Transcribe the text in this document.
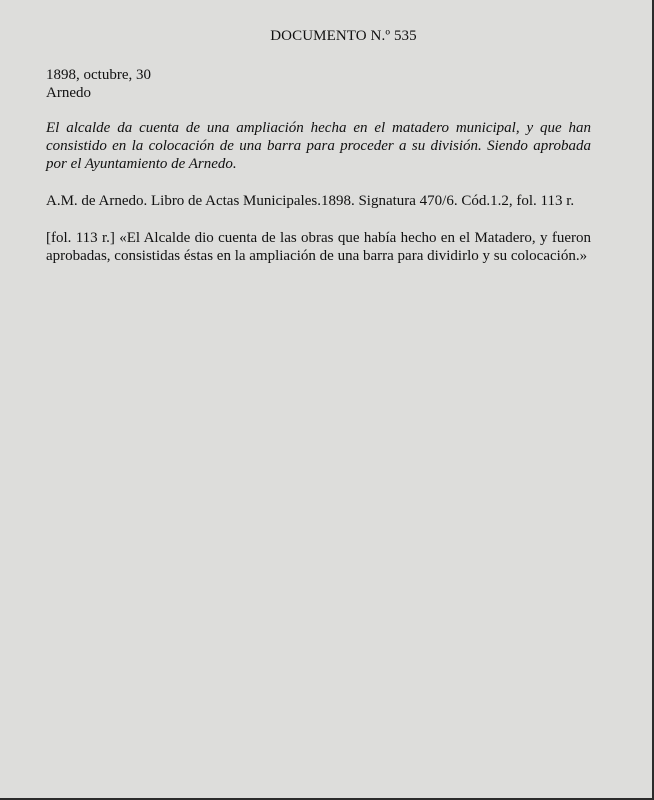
DOCUMENTO N.º 535

1898, octubre, 30
Arnedo
El alcalde da cuenta de una ampliación hecha en el matadero municipal, y que han consistido en la colocación de una barra para proceder a su división. Siendo aprobada por el Ayuntamiento de Arnedo.
A.M. de Arnedo. Libro de Actas Municipales.1898. Signatura 470/6. Cód.1.2, fol. 113 r.
[fol. 113 r.] «El Alcalde dio cuenta de las obras que había hecho en el Matadero, y fueron aprobadas, consistidas éstas en la ampliación de una barra para dividirlo y su colocación.»
